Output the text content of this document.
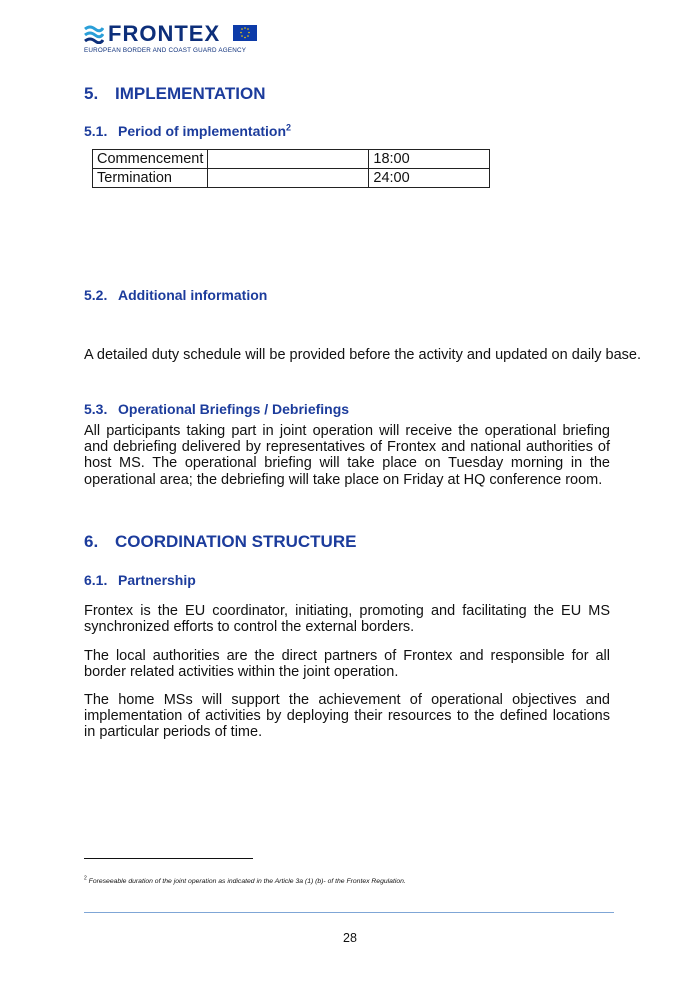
FRONTEX
EUROPEAN BORDER AND COAST GUARD AGENCY
5. IMPLEMENTATION
5.1. Period of implementation$^2$
Commencement		18:00
Termination		24:00
5.2. Additional information
A detailed duty schedule will be provided before the activity and updated on daily base.
5.3. Operational Briefings / Debriefings
All participants taking part in joint operation will receive the operational briefing and debriefing delivered by representatives of Frontex and national authorities of host MS. The operational briefing will take place on Tuesday morning in the operational area; the debriefing will take place on Friday at HQ conference room.
6. COORDINATION STRUCTURE
6.1. Partnership
Frontex is the EU coordinator, initiating, promoting and facilitating the EU MS synchronized efforts to control the external borders.
The local authorities are the direct partners of Frontex and responsible for all border related activities within the joint operation.
The home MSs will support the achievement of operational objectives and implementation of activities by deploying their resources to the defined locations in particular periods of time.
$^2$ Foreseeable duration of the joint operation as indicated in the Article 3a (1) (b)- of the Frontex Regulation.
28
